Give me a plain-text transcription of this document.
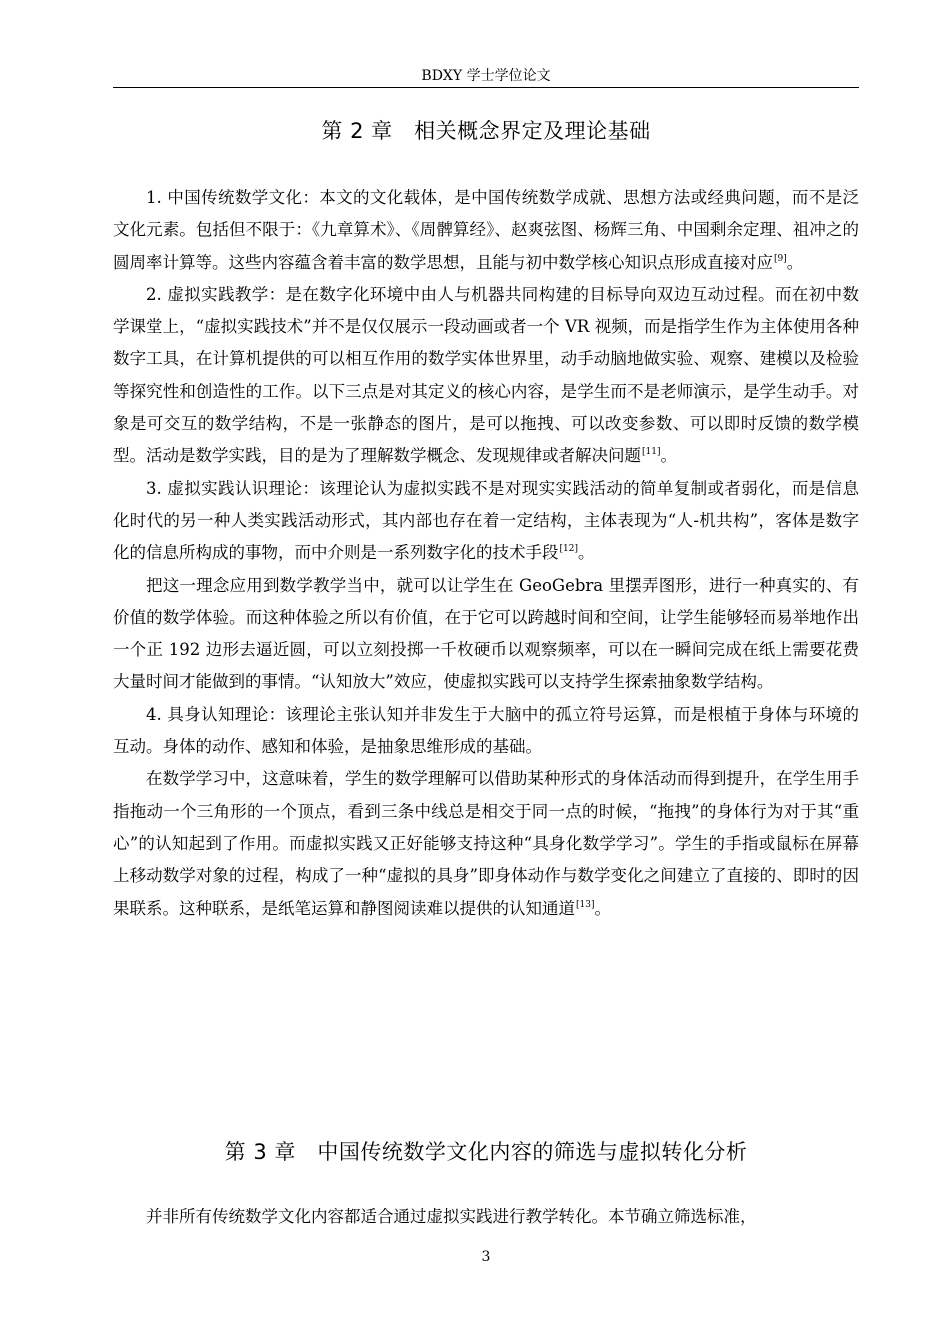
BDXY 学士学位论文
第 2 章　相关概念界定及理论基础

1. 中国传统数学文化：本文的文化载体，是中国传统数学成就、思想方法或经典问题，而不是泛文化元素。包括但不限于：《九章算术》、《周髀算经》、赵爽弦图、杨辉三角、中国剩余定理、祖冲之的圆周率计算等。这些内容蕴含着丰富的数学思想，且能与初中数学核心知识点形成直接对应[9]。

2. 虚拟实践教学：是在数字化环境中由人与机器共同构建的目标导向双边互动过程。而在初中数学课堂上，“虚拟实践技术”并不是仅仅展示一段动画或者一个 VR 视频，而是指学生作为主体使用各种数字工具，在计算机提供的可以相互作用的数学实体世界里，动手动脑地做实验、观察、建模以及检验等探究性和创造性的工作。以下三点是对其定义的核心内容，是学生而不是老师演示，是学生动手。对象是可交互的数学结构，不是一张静态的图片，是可以拖拽、可以改变参数、可以即时反馈的数学模型。活动是数学实践，目的是为了理解数学概念、发现规律或者解决问题[11]。

3. 虚拟实践认识理论：该理论认为虚拟实践不是对现实实践活动的简单复制或者弱化，而是信息化时代的另一种人类实践活动形式，其内部也存在着一定结构，主体表现为“人-机共构”，客体是数字化的信息所构成的事物，而中介则是一系列数字化的技术手段[12]。

把这一理念应用到数学教学当中，就可以让学生在 GeoGebra 里摆弄图形，进行一种真实的、有价值的数学体验。而这种体验之所以有价值，在于它可以跨越时间和空间，让学生能够轻而易举地作出一个正 192 边形去逼近圆，可以立刻投掷一千枚硬币以观察频率，可以在一瞬间完成在纸上需要花费大量时间才能做到的事情。“认知放大”效应，使虚拟实践可以支持学生探索抽象数学结构。

4. 具身认知理论：该理论主张认知并非发生于大脑中的孤立符号运算，而是根植于身体与环境的互动。身体的动作、感知和体验，是抽象思维形成的基础。

在数学学习中，这意味着，学生的数学理解可以借助某种形式的身体活动而得到提升，在学生用手指拖动一个三角形的一个顶点，看到三条中线总是相交于同一点的时候，“拖拽”的身体行为对于其“重心”的认知起到了作用。而虚拟实践又正好能够支持这种“具身化数学学习”。学生的手指或鼠标在屏幕上移动数学对象的过程，构成了一种“虚拟的具身”即身体动作与数学变化之间建立了直接的、即时的因果联系。这种联系，是纸笔运算和静图阅读难以提供的认知通道[13]。

第 3 章　中国传统数学文化内容的筛选与虚拟转化分析

并非所有传统数学文化内容都适合通过虚拟实践进行教学转化。本节确立筛选标准，

3
